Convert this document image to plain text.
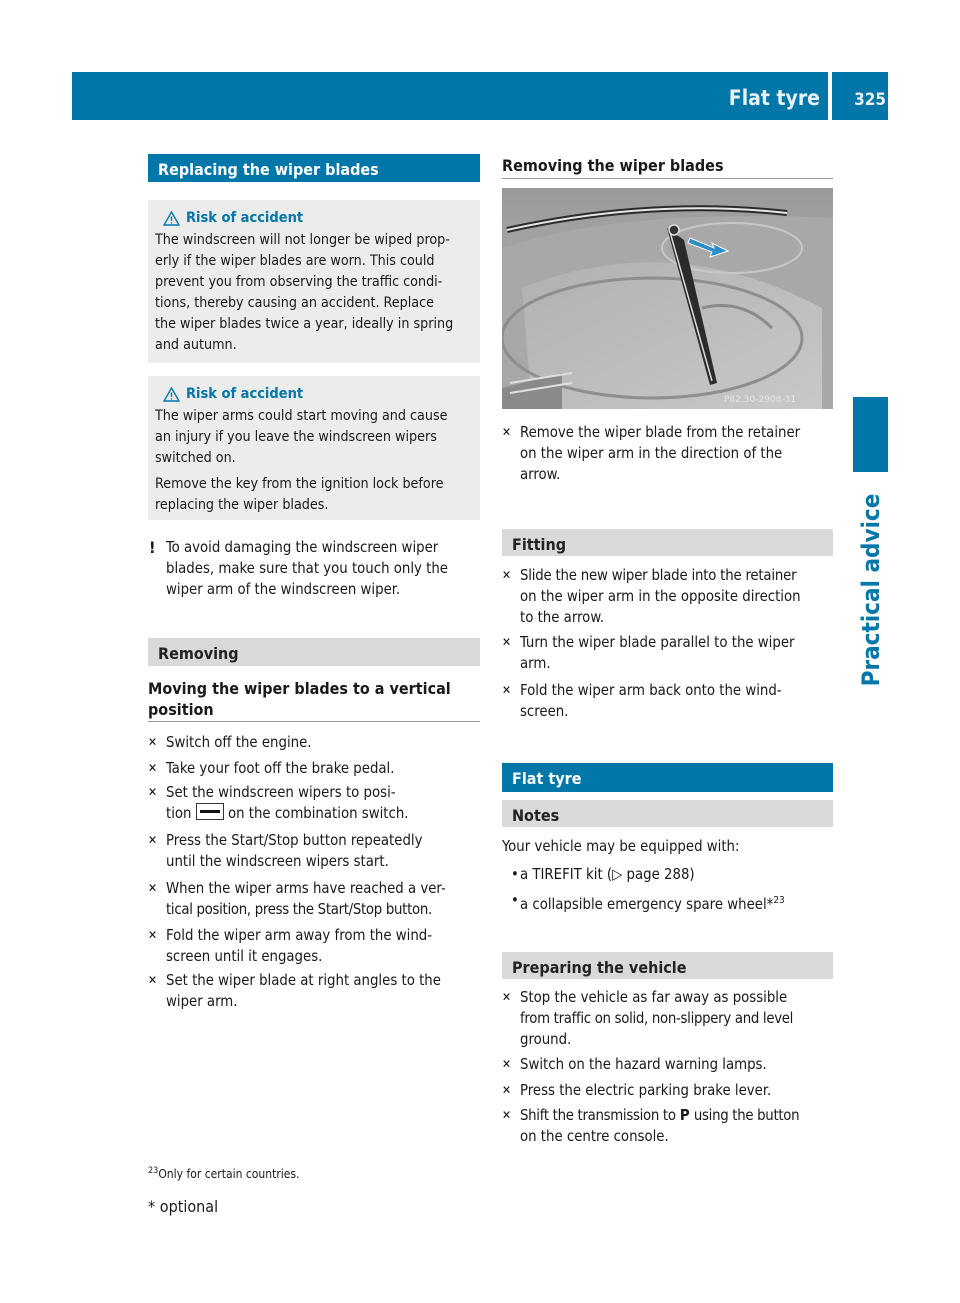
Flat tyre 325
Practical advice
Replacing the wiper blades
Risk of accident

The windscreen will not longer be wiped prop-
erly if the wiper blades are worn. This could
prevent you from observing the traffic condi-
tions, thereby causing an accident. Replace
the wiper blades twice a year, ideally in spring
and autumn.

Risk of accident

The wiper arms could start moving and cause
an injury if you leave the windscreen wipers
switched on.

Remove the key from the ignition lock before
replacing the wiper blades.

! To avoid damaging the windscreen wiper
blades, make sure that you touch only the
wiper arm of the windscreen wiper.
Removing
Moving the wiper blades to a vertical
position
✕ Switch off the engine.
✕ Take your foot off the brake pedal.
✕ Set the windscreen wipers to posi-
tion on the combination switch.
✕ Press the Start/Stop button repeatedly
until the windscreen wipers start.
✕ When the wiper arms have reached a ver-
tical position, press the Start/Stop button.
✕ Fold the wiper arm away from the wind-
screen until it engages.
✕ Set the wiper blade at right angles to the
wiper arm.
Removing the wiper blades
P82.30-2908-31
✕ Remove the wiper blade from the retainer
on the wiper arm in the direction of the
arrow.
Fitting
✕ Slide the new wiper blade into the retainer
on the wiper arm in the opposite direction
to the arrow.
✕ Turn the wiper blade parallel to the wiper
arm.
✕ Fold the wiper arm back onto the wind-
screen.
Flat tyre
Notes
Your vehicle may be equipped with:
• a TIREFIT kit (▷ page 288)
• a collapsible emergency spare wheel*$^{23}$
Preparing the vehicle
✕ Stop the vehicle as far away as possible
from traffic on solid, non-slippery and level
ground.
✕ Switch on the hazard warning lamps.
✕ Press the electric parking brake lever.
✕ Shift the transmission to P using the button
on the centre console.
$^{23}$Only for certain countries.
* optional
